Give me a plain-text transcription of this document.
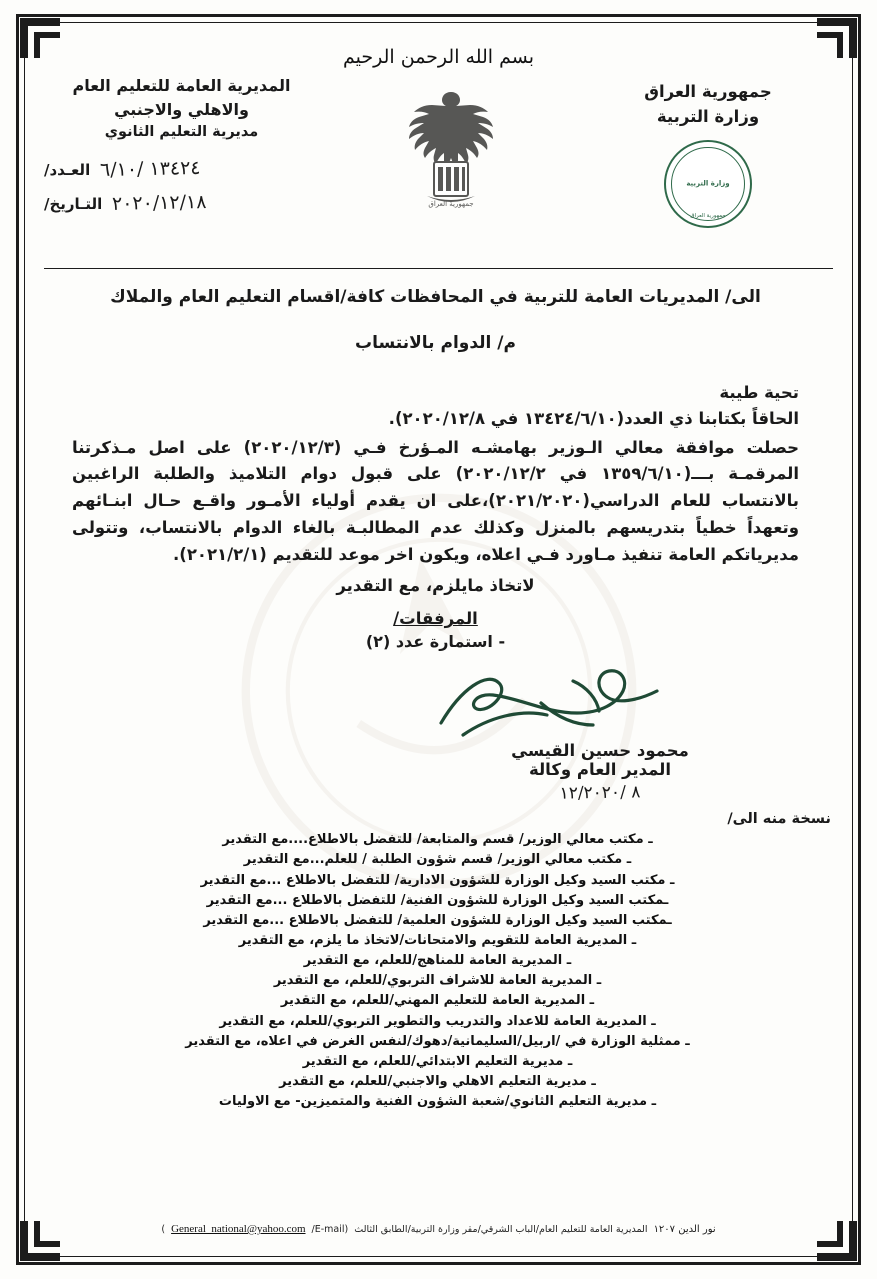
بسم الله الرحمن الرحيم
جمهورية العراق
وزارة التربية
وزارة التربية
جمهورية العراق
جمهورية العراق
المديرية العامة للتعليم العام
والاهلي والاجنبي
مديرية التعليم الثانوي
العـدد/ ١٣٤٢٤ /٦/١٠
التـاريخ/ ٢٠٢٠/١٢/١٨
الى/ المديريات العامة للتربية في المحافظات كافة/اقسام التعليم العام والملاك
م/ الدوام بالانتساب
تحية طيبة

الحاقاً بكتابنا ذي العدد(١٣٤٢٤/٦/١٠ في ٢٠٢٠/١٢/٨).

حصلت موافقة معالي الـوزير بهامشـه المـؤرخ فـي (٢٠٢٠/١٢/٣) على اصل مـذكرتنا المرقمـة بـــ(١٣٥٩/٦/١٠ في ٢٠٢٠/١٢/٢) على قبول دوام التلاميذ والطلبة الراغبين بالانتساب للعام الدراسي(٢٠٢١/٢٠٢٠)،على ان يقدم أولياء الأمـور واقـع حـال ابنـائهم وتعهداً خطياً بتدريسهم بالمنزل وكذلك عدم المطالبـة بالغاء الدوام بالانتساب، وتتولى مديرياتكم العامة تنفيذ مـاورد فـي اعلاه، ويكون اخر موعد للتقديم (٢٠٢١/٢/١).

لاتخاذ مايلزم، مع التقدير
المرفقات/
- استمارة عدد (٢)
محمود حسين القيسي
المدير العام وكالة
٨ /١٢/٢٠٢٠
نسخة منه الى/
ـ مكتب معالي الوزير/ قسم والمتابعة/ للتفضل بالاطلاع....مع التقدير
ـ مكتب معالي الوزير/ قسم شؤون الطلبة / للعلم...مع التقدير
ـ مكتب السيد وكيل الوزارة للشؤون الادارية/ للتفضل بالاطلاع ...مع التقدير
ـمكتب السيد وكيل الوزارة للشؤون الفنية/ للتفضل بالاطلاع ...مع التقدير
ـمكتب السيد وكيل الوزارة للشؤون العلمية/ للتفضل بالاطلاع ...مع التقدير
ـ المديرية العامة للتقويم والامتحانات/لاتخاذ ما يلزم، مع التقدير
ـ المديرية العامة للمناهج/للعلم، مع التقدير
ـ المديرية العامة للاشراف التربوي/للعلم، مع التقدير
ـ المديرية العامة للتعليم المهني/للعلم، مع التقدير
ـ المديرية العامة للاعداد والتدريب والتطوير التربوي/للعلم، مع التقدير
ـ ممثلية الوزارة في /اربيل/السليمانية/دهوك/لنفس الغرض في اعلاه، مع التقدير
ـ مديرية التعليم الابتدائي/للعلم، مع التقدير
ـ مديرية التعليم الاهلي والاجنبي/للعلم، مع التقدير
ـ مديرية التعليم الثانوي/شعبة الشؤون الفنية والمتميزين- مع الاوليات
نور الدين ١٢٠٧
المديرية العامة للتعليم العام/الباب الشرقي/مقر وزارة التربية/الطابق الثالث
(E-mail/
General_national@yahoo.com
)
